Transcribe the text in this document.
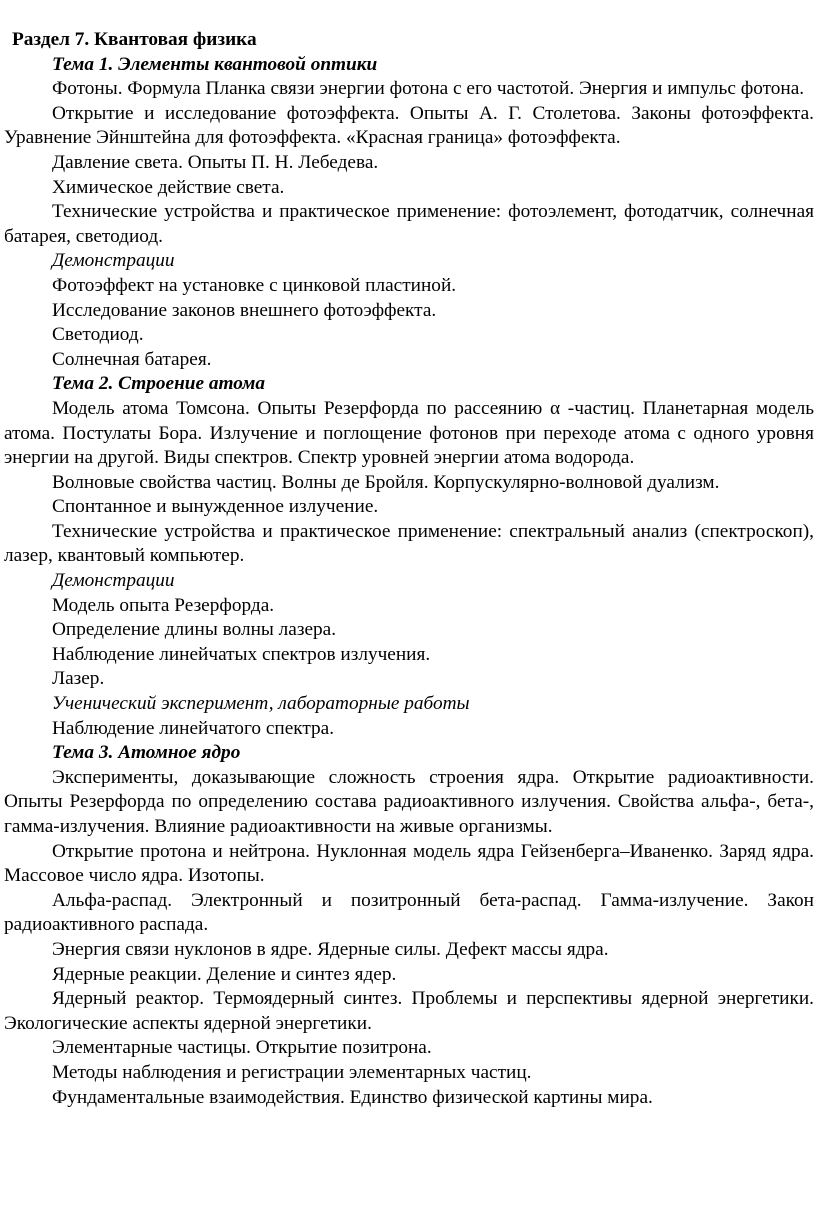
Раздел 7. Квантовая физика

Тема 1. Элементы квантовой оптики

Фотоны. Формула Планка связи энергии фотона с его частотой. Энергия и импульс фотона.

Открытие и исследование фотоэффекта. Опыты А. Г. Столетова. Законы фотоэффекта. Уравнение Эйнштейна для фотоэффекта. «Красная граница» фотоэффекта.

Давление света. Опыты П. Н. Лебедева.

Химическое действие света.

Технические устройства и практическое применение: фотоэлемент, фотодатчик, солнечная батарея, светодиод.

Демонстрации

Фотоэффект на установке с цинковой пластиной.

Исследование законов внешнего фотоэффекта.

Светодиод.

Солнечная батарея.

Тема 2. Строение атома

Модель атома Томсона. Опыты Резерфорда по рассеянию α -частиц. Планетарная модель атома. Постулаты Бора. Излучение и поглощение фотонов при переходе атома с одного уровня энергии на другой. Виды спектров. Спектр уровней энергии атома водорода.

Волновые свойства частиц. Волны де Бройля. Корпускулярно-волновой дуализм.

Спонтанное и вынужденное излучение.

Технические устройства и практическое применение: спектральный анализ (спектроскоп), лазер, квантовый компьютер.

Демонстрации

Модель опыта Резерфорда.

Определение длины волны лазера.

Наблюдение линейчатых спектров излучения.

Лазер.

Ученический эксперимент, лабораторные работы

Наблюдение линейчатого спектра.

Тема 3. Атомное ядро

Эксперименты, доказывающие сложность строения ядра. Открытие радиоактивности. Опыты Резерфорда по определению состава радиоактивного излучения. Свойства альфа-, бета-, гамма-излучения. Влияние радиоактивности на живые организмы.

Открытие протона и нейтрона. Нуклонная модель ядра Гейзенберга–Иваненко. Заряд ядра. Массовое число ядра. Изотопы.

Альфа-распад. Электронный и позитронный бета-распад. Гамма-излучение. Закон радиоактивного распада.

Энергия связи нуклонов в ядре. Ядерные силы. Дефект массы ядра.

Ядерные реакции. Деление и синтез ядер.

Ядерный реактор. Термоядерный синтез. Проблемы и перспективы ядерной энергетики. Экологические аспекты ядерной энергетики.

Элементарные частицы. Открытие позитрона.

Методы наблюдения и регистрации элементарных частиц.

Фундаментальные взаимодействия. Единство физической картины мира.
